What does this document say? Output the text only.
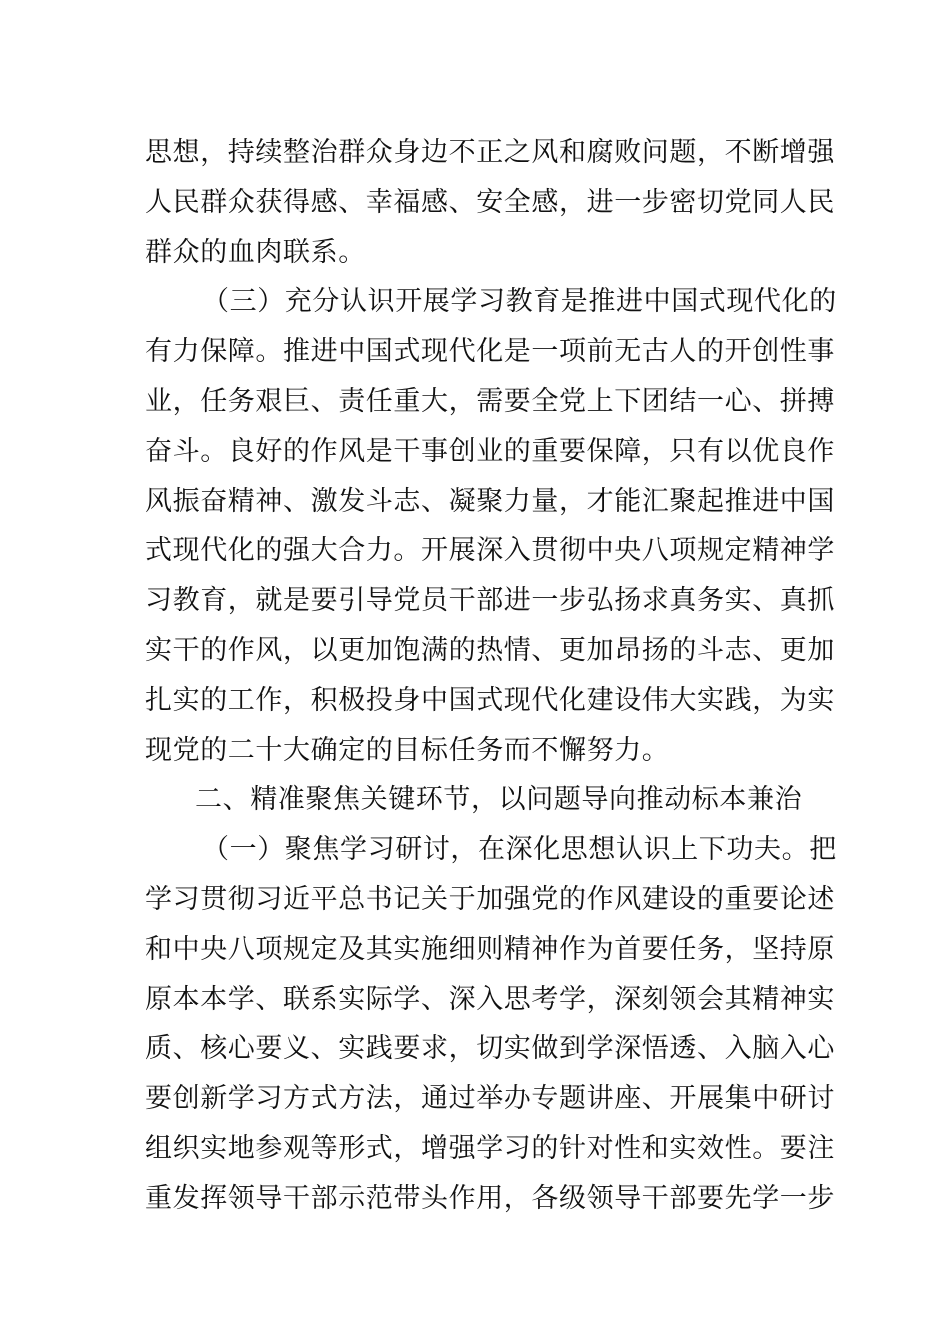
思想，持续整治群众身边不正之风和腐败问题，不断增强
人民群众获得感、幸福感、安全感，进一步密切党同人民
群众的血肉联系。
（三）充分认识开展学习教育是推进中国式现代化的
有力保障。推进中国式现代化是一项前无古人的开创性事
业，任务艰巨、责任重大，需要全党上下团结一心、拼搏
奋斗。良好的作风是干事创业的重要保障，只有以优良作
风振奋精神、激发斗志、凝聚力量，才能汇聚起推进中国
式现代化的强大合力。开展深入贯彻中央八项规定精神学
习教育，就是要引导党员干部进一步弘扬求真务实、真抓
实干的作风，以更加饱满的热情、更加昂扬的斗志、更加
扎实的工作，积极投身中国式现代化建设伟大实践，为实
现党的二十大确定的目标任务而不懈努力。
二、精准聚焦关键环节，以问题导向推动标本兼治
（一）聚焦学习研讨，在深化思想认识上下功夫。把
学习贯彻习近平总书记关于加强党的作风建设的重要论述
和中央八项规定及其实施细则精神作为首要任务，坚持原
原本本学、联系实际学、深入思考学，深刻领会其精神实
质、核心要义、实践要求，切实做到学深悟透、入脑入心
要创新学习方式方法，通过举办专题讲座、开展集中研讨
组织实地参观等形式，增强学习的针对性和实效性。要注
重发挥领导干部示范带头作用，各级领导干部要先学一步
